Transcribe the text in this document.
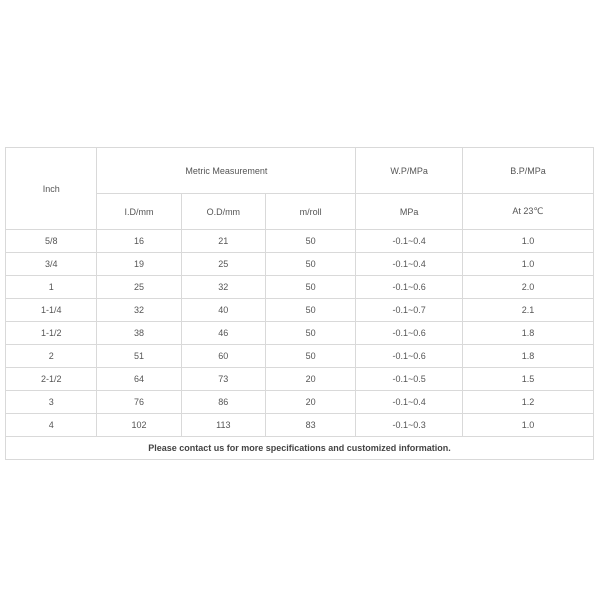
Inch	Metric Measurement			W.P/MPa	B.P/MPa
	I.D/mm	O.D/mm	m/roll	MPa	At 23℃
5/8	16	21	50	-0.1~0.4	1.0
3/4	19	25	50	-0.1~0.4	1.0
1	25	32	50	-0.1~0.6	2.0
1-1/4	32	40	50	-0.1~0.7	2.1
1-1/2	38	46	50	-0.1~0.6	1.8
2	51	60	50	-0.1~0.6	1.8
2-1/2	64	73	20	-0.1~0.5	1.5
3	76	86	20	-0.1~0.4	1.2
4	102	113	83	-0.1~0.3	1.0
Please contact us for more specifications and customized information.					
